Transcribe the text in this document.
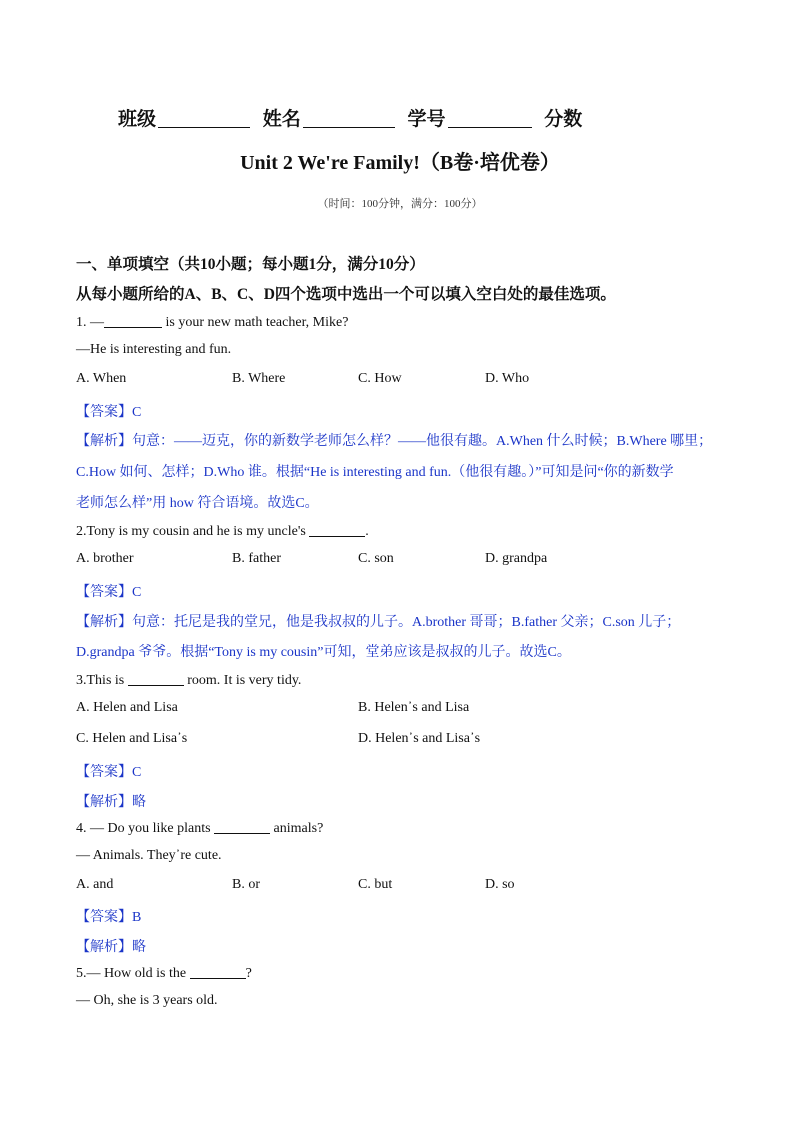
班级	姓名	学号	分数
Unit 2 We're Family!（B卷·培优卷）
（时间：100分钟，满分：100分）
一、单项填空（共10小题；每小题1分，满分10分）
从每小题所给的A、B、C、D四个选项中选出一个可以填入空白处的最佳选项。
1. —	is your new math teacher, Mike?
—He is interesting and fun.
A. When	B. Where	C. How	D. Who
【答案】C
【解析】句意：——迈克，你的新数学老师怎么样？——他很有趣。A.When 什么时候；B.Where 哪里；
C.How 如何、怎样；D.Who 谁。根据“He is interesting and fun.（他很有趣。）”可知是问“你的新数学
老师怎么样”用 how 符合语境。故选C。
2.Tony is my cousin and he is my uncle's	.
A. brother	B. father	C. son	D. grandpa
【答案】C
【解析】句意：托尼是我的堂兄，他是我叔叔的儿子。A.brother 哥哥；B.father 父亲；C.son 儿子；
D.grandpa 爷爷。根据“Tony is my cousin”可知，堂弟应该是叔叔的儿子。故选C。
3.This is	room. It is very tidy.
A. Helen and Lisa	B. Helen᾽s and Lisa
C. Helen and Lisa᾽s	D. Helen᾽s and Lisa᾽s
【答案】C
【解析】略
4. — Do you like plants	animals?
— Animals. They᾽re cute.
A. and	B. or	C. but	D. so
【答案】B
【解析】略
5.— How old is the	?
— Oh, she is 3 years old.
